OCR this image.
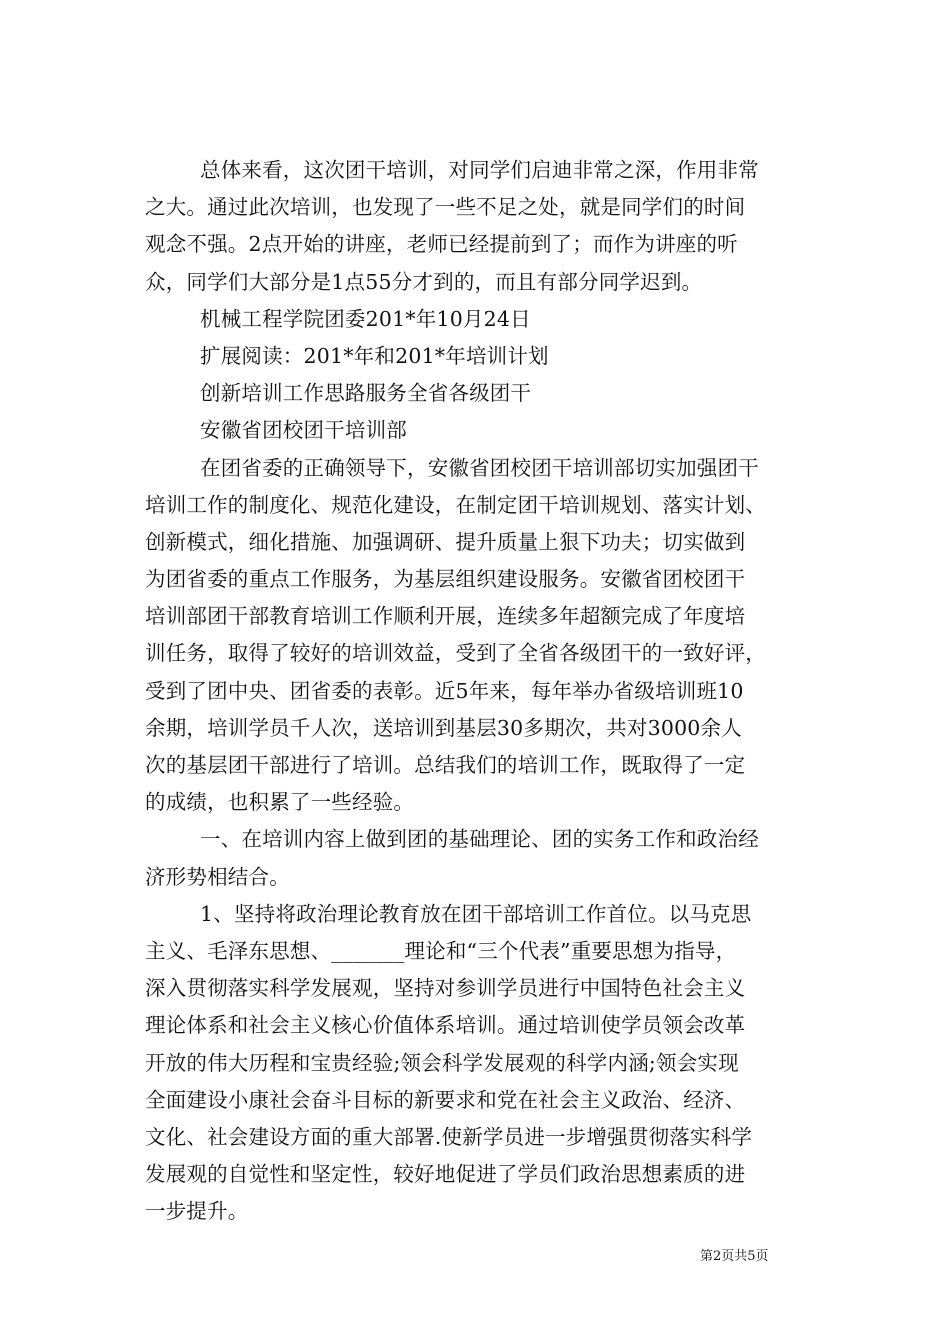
总体来看，这次团干培训，对同学们启迪非常之深，作用非常
之大。通过此次培训，也发现了一些不足之处，就是同学们的时间
观念不强。2点开始的讲座，老师已经提前到了；而作为讲座的听
众，同学们大部分是1点55分才到的，而且有部分同学迟到。
机械工程学院团委201*年10月24日
扩展阅读：201*年和201*年培训计划
创新培训工作思路服务全省各级团干
安徽省团校团干培训部
在团省委的正确领导下，安徽省团校团干培训部切实加强团干
培训工作的制度化、规范化建设，在制定团干培训规划、落实计划、
创新模式，细化措施、加强调研、提升质量上狠下功夫；切实做到
为团省委的重点工作服务，为基层组织建设服务。安徽省团校团干
培训部团干部教育培训工作顺利开展，连续多年超额完成了年度培
训任务，取得了较好的培训效益，受到了全省各级团干的一致好评，
受到了团中央、团省委的表彰。近5年来，每年举办省级培训班10
余期，培训学员千人次，送培训到基层30多期次，共对3000余人
次的基层团干部进行了培训。总结我们的培训工作，既取得了一定
的成绩，也积累了一些经验。
一、在培训内容上做到团的基础理论、团的实务工作和政治经
济形势相结合。
1、坚持将政治理论教育放在团干部培训工作首位。以马克思
主义、毛泽东思想、_______理论和“三个代表”重要思想为指导，
深入贯彻落实科学发展观，坚持对参训学员进行中国特色社会主义
理论体系和社会主义核心价值体系培训。通过培训使学员领会改革
开放的伟大历程和宝贵经验;领会科学发展观的科学内涵;领会实现
全面建设小康社会奋斗目标的新要求和党在社会主义政治、经济、
文化、社会建设方面的重大部署.使新学员进一步增强贯彻落实科学
发展观的自觉性和坚定性，较好地促进了学员们政治思想素质的进
一步提升。
第2页共5页
